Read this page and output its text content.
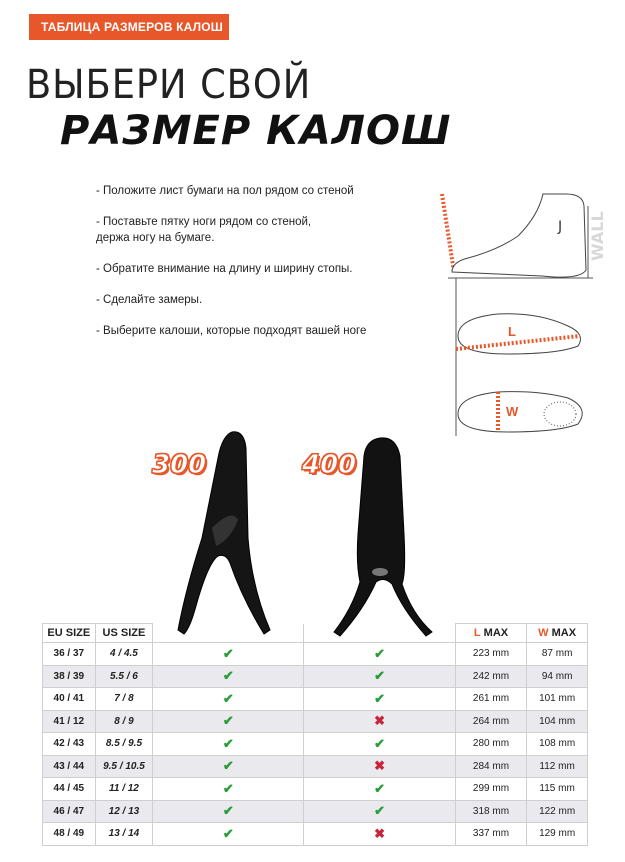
ТАБЛИЦА РАЗМЕРОВ КАЛОШ
ВЫБЕРИ СВОЙ
РАЗМЕР КАЛОШ
- Положите лист бумаги на пол рядом со стеной
- Поставьте пятку ноги рядом со стеной,
держа ногу на бумаге.
- Обратите внимание на длину и ширину стопы.
- Сделайте замеры.
- Выберите калоши, которые подходят вашей ноге
J WALL
L
W
300	400
EU SIZE	US SIZE			L MAX	W MAX
36 / 37	4 / 4.5	✔	✔	223 mm	87 mm
38 / 39	5.5 / 6	✔	✔	242 mm	94 mm
40 / 41	7 / 8	✔	✔	261 mm	101 mm
41 / 12	8 / 9	✔	✖	264 mm	104 mm
42 / 43	8.5 / 9.5	✔	✔	280 mm	108 mm
43 / 44	9.5 / 10.5	✔	✖	284 mm	112 mm
44 / 45	11 / 12	✔	✔	299 mm	115 mm
46 / 47	12 / 13	✔	✔	318 mm	122 mm
48 / 49	13 / 14	✔	✖	337 mm	129 mm
